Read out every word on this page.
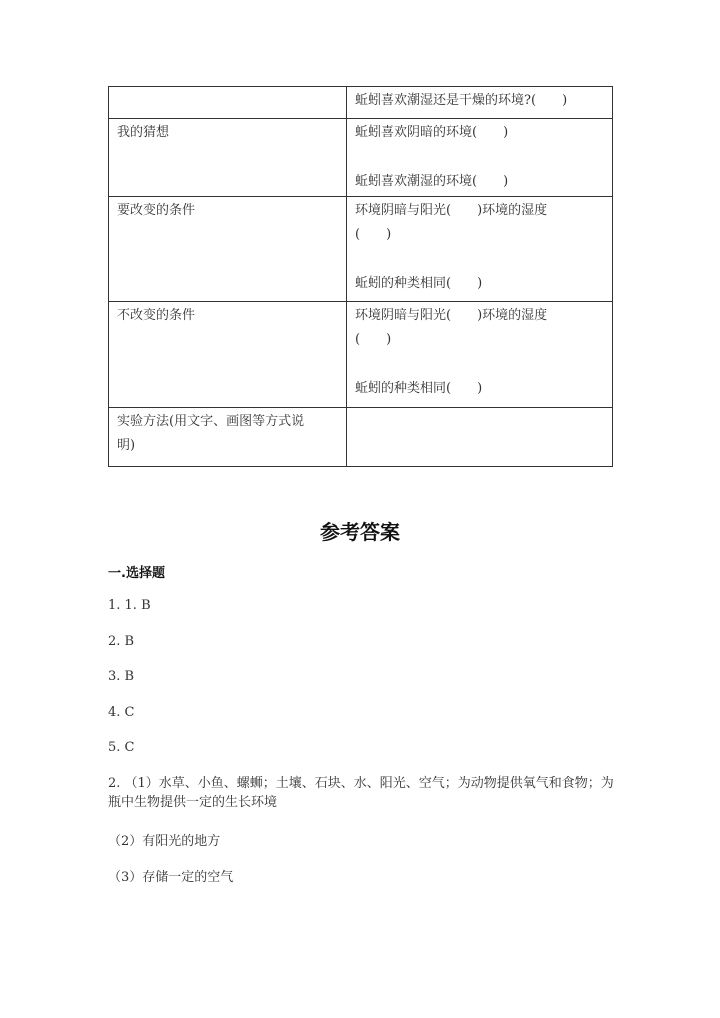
	蚯蚓喜欢潮湿还是干燥的环境?(　　)

我的猜想	蚯蚓喜欢阴暗的环境(　　)
蚯蚓喜欢潮湿的环境(　　)

要改变的条件	环境阴暗与阳光(　　)环境的湿度
(　　)
蚯蚓的种类相同(　　)

不改变的条件	环境阴暗与阳光(　　)环境的湿度
(　　)
蚯蚓的种类相同(　　)

实验方法(用文字、画图等方式说
明)	

参考答案
一.选择题
1. 1. B
2. B
3. B
4. C
5. C
2. （1）水草、小鱼、螺蛳；土壤、石块、水、阳光、空气；为动物提供氧气和食物；为瓶中生物提供一定的生长环境
（2）有阳光的地方
（3）存储一定的空气
